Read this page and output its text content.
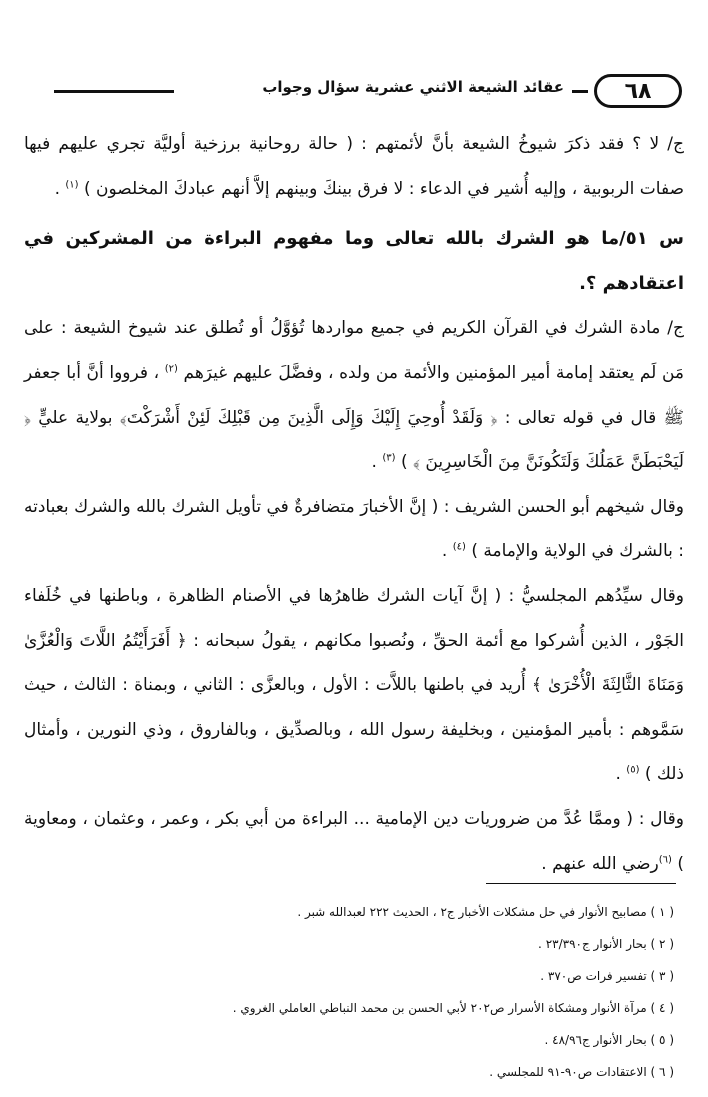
٦٨
عقائد الشيعة الاثني عشرية سؤال وجواب

ج/ لا ؟ فقد ذكرَ شيوخُ الشيعة بأنَّ لأئمتهم : ( حالة روحانية برزخية أوليَّة تجري عليهم فيها صفات الربوبية ، وإليه أُشير في الدعاء : لا فرق بينكَ وبينهم إلاَّ أنهم عبادكَ المخلصون ) $^{(١)}$ .

س ٥١/ما هو الشرك بالله تعالى وما مفهوم البراءة من المشركين في اعتقادهم ؟.

ج/ مادة الشرك في القرآن الكريم في جميع مواردها تُؤوَّلُ أو تُطلق عند شيوخ الشيعة : على مَن لَم يعتقد إمامة أمير المؤمنين والأئمة من ولده ، وفضَّلَ عليهم غيرَهم $^{(٢)}$ ، فرووا أنَّ أبا جعفر ﷺ قال في قوله تعالى : ﴿ وَلَقَدْ أُوحِيَ إِلَيْكَ وَإِلَى الَّذِينَ مِن قَبْلِكَ لَئِنْ أَشْرَكْتَ﴾ بولاية عليٍّ ﴿ لَيَحْبَطَنَّ عَمَلُكَ وَلَتَكُونَنَّ مِنَ الْخَاسِرِينَ ﴾ ) $^{(٣)}$ .

وقال شيخهم أبو الحسن الشريف : ( إنَّ الأخبارَ متضافرةٌ في تأويل الشرك بالله والشرك بعبادته : بالشرك في الولاية والإمامة ) $^{(٤)}$ .

وقال سيِّدُهم المجلسيُّ : ( إنَّ آيات الشرك ظاهرُها في الأصنام الظاهرة ، وباطنها في خُلَفاء الجَوْر ، الذين أُشركوا مع أئمة الحقِّ ، ونُصبوا مكانهم ، يقولُ سبحانه : ﴿ أَفَرَأَيْتُمُ اللَّاتَ وَالْعُزَّىٰ وَمَنَاةَ الثَّالِثَةَ الْأُخْرَىٰ ﴾ أُريد في باطنها باللاَّت : الأول ، وبالعزَّى : الثاني ، وبمناة : الثالث ، حيث سَمَّوهم : بأمير المؤمنين ، وبخليفة رسول الله ، وبالصدِّيق ، وبالفاروق ، وذي النورين ، وأمثال ذلك ) $^{(٥)}$ .

وقال : ( وممَّا عُدَّ من ضروريات دين الإمامية ... البراءة من أبي بكر ، وعمر ، وعثمان ، ومعاوية ) $^{(٦)}$رضي الله عنهم .

( ١ ) مصابيح الأنوار في حل مشكلات الأخبار ج٢ ، الحديث ٢٢٢ لعبدالله شبر .
( ٢ ) بحار الأنوار ج٢٣/٣٩٠ .
( ٣ ) تفسير فرات ص٣٧٠ .
( ٤ ) مرآة الأنوار ومشكاة الأسرار ص٢٠٢ لأبي الحسن بن محمد النباطي العاملي الغروي .
( ٥ ) بحار الأنوار ج٤٨/٩٦ .
( ٦ ) الاعتقادات ص٩٠-٩١ للمجلسي .
